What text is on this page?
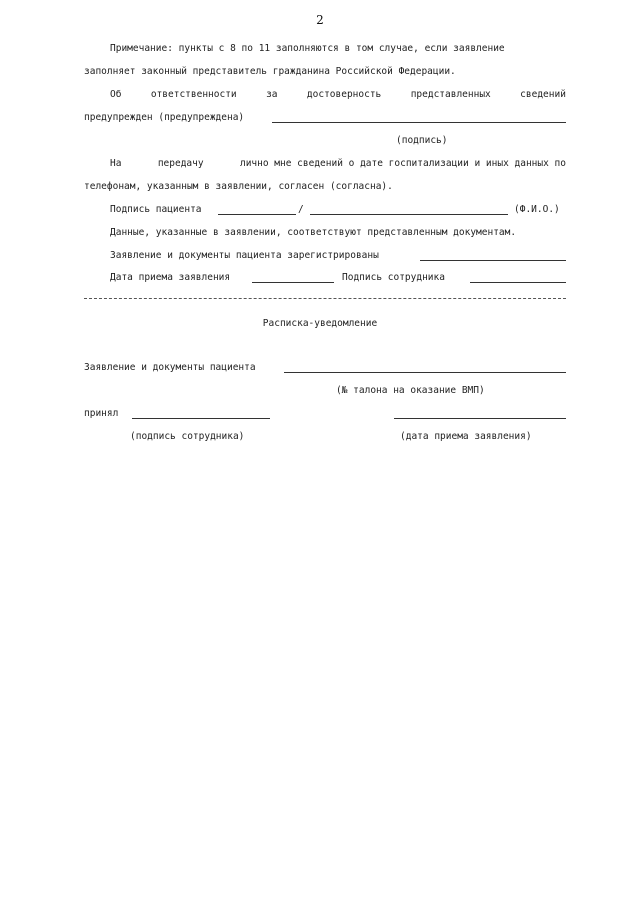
2
Примечание: пункты с 8 по 11 заполняются в том случае, если заявление
заполняет законный представитель гражданина Российской Федерации.
Об	ответственности	за	достоверность	представленных	сведений
предупрежден (предупреждена)
(подпись)
На	передачу	лично мне сведений о дате госпитализации и иных данных по
телефонам, указанным в заявлении, согласен (согласна).
Подпись пациента	/	(Ф.И.О.)
Данные, указанные в заявлении, соответствуют представленным документам.
Заявление и документы пациента зарегистрированы
Дата приема заявления	Подпись сотрудника
Расписка-уведомление
Заявление и документы пациента
(№ талона на оказание ВМП)
принял
(подпись сотрудника)	(дата приема заявления)
